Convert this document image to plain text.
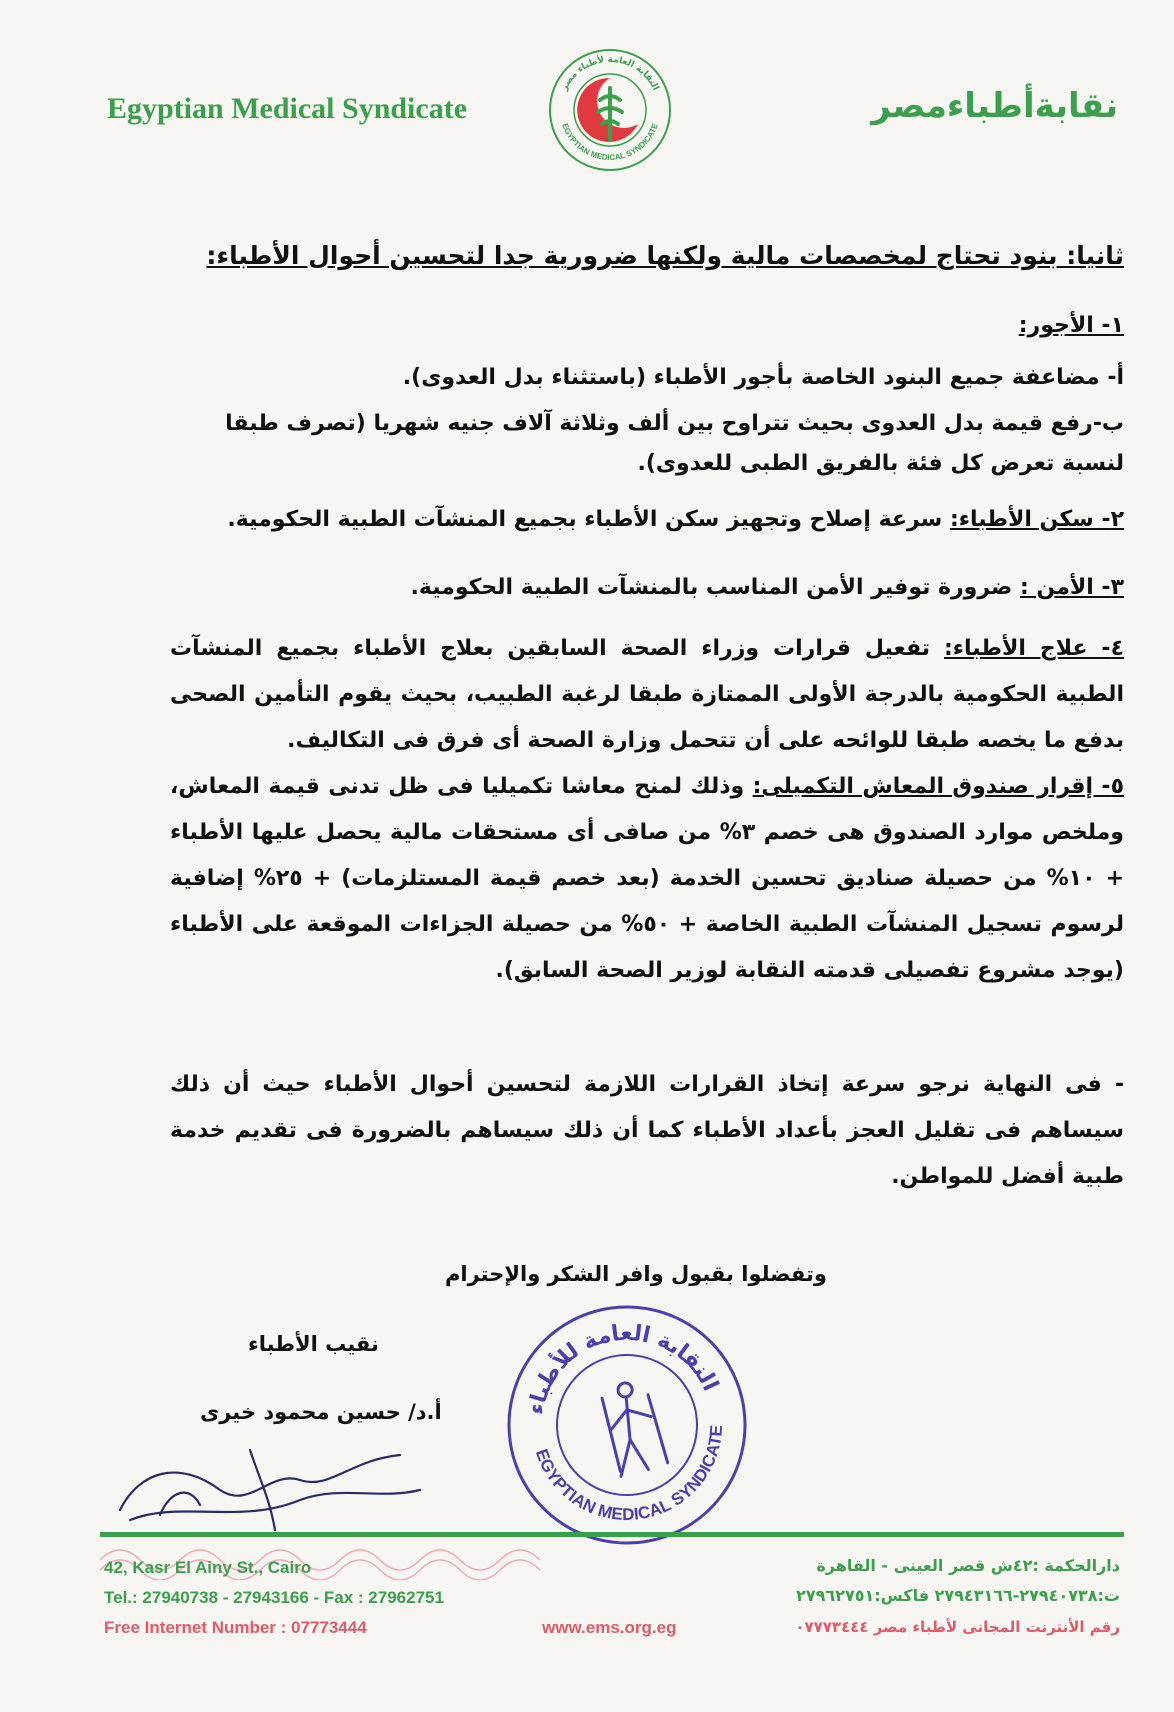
Egyptian Medical Syndicate
النقابة العامة لأطباء مصر
EGYPTIAN MEDICAL SYNDICATE
نقابةأطباءمصر
ثانيا: بنود تحتاج لمخصصات مالية ولكنها ضرورية جدا لتحسين أحوال الأطباء:
١- الأجور:
أ- مضاعفة جميع البنود الخاصة بأجور الأطباء (باستثناء بدل العدوى).
ب-رفع قيمة بدل العدوى بحيث تتراوح بين ألف وثلاثة آلاف جنيه شهريا (تصرف طبقا
لنسبة تعرض كل فئة بالفريق الطبى للعدوى).
٢- سكن الأطباء: سرعة إصلاح وتجهيز سكن الأطباء بجميع المنشآت الطبية الحكومية.
٣- الأمن : ضرورة توفير الأمن المناسب بالمنشآت الطبية الحكومية.
٤- علاج الأطباء: تفعيل قرارات وزراء الصحة السابقين بعلاج الأطباء بجميع المنشآت الطبية الحكومية بالدرجة الأولى الممتازة طبقا لرغبة الطبيب، بحيث يقوم التأمين الصحى بدفع ما يخصه طبقا للوائحه على أن تتحمل وزارة الصحة أى فرق فى التكاليف.
٥- إقرار صندوق المعاش التكميلى: وذلك لمنح معاشا تكميليا فى ظل تدنى قيمة المعاش، وملخص موارد الصندوق هى خصم ٣% من صافى أى مستحقات مالية يحصل عليها الأطباء + ١٠% من حصيلة صناديق تحسين الخدمة (بعد خصم قيمة المستلزمات) + ٢٥% إضافية لرسوم تسجيل المنشآت الطبية الخاصة + ٥٠% من حصيلة الجزاءات الموقعة على الأطباء (يوجد مشروع تفصيلى قدمته النقابة لوزير الصحة السابق).
- فى النهاية نرجو سرعة إتخاذ القرارات اللازمة لتحسين أحوال الأطباء حيث أن ذلك سيساهم فى تقليل العجز بأعداد الأطباء كما أن ذلك سيساهم بالضرورة فى تقديم خدمة طبية أفضل للمواطن.
وتفضلوا بقبول وافر الشكر والإحترام
نقيب الأطباء
أ.د/ حسين محمود خيرى	النقابة العامة للأطباء
EGYPTIAN MEDICAL SYNDICATE
42, Kasr El Ainy St., Cairo
Tel.: 27940738 - 27943166 - Fax : 27962751
Free Internet Number : 07773444	www.ems.org.eg
دارالحكمة :٤٢ش قصر العينى - القاهرة
ت:٢٧٩٤٠٧٣٨-٢٧٩٤٣١٦٦ فاكس:٢٧٩٦٢٧٥١
رقم الأنترنت المجانى لأطباء مصر ٠٧٧٧٣٤٤٤
